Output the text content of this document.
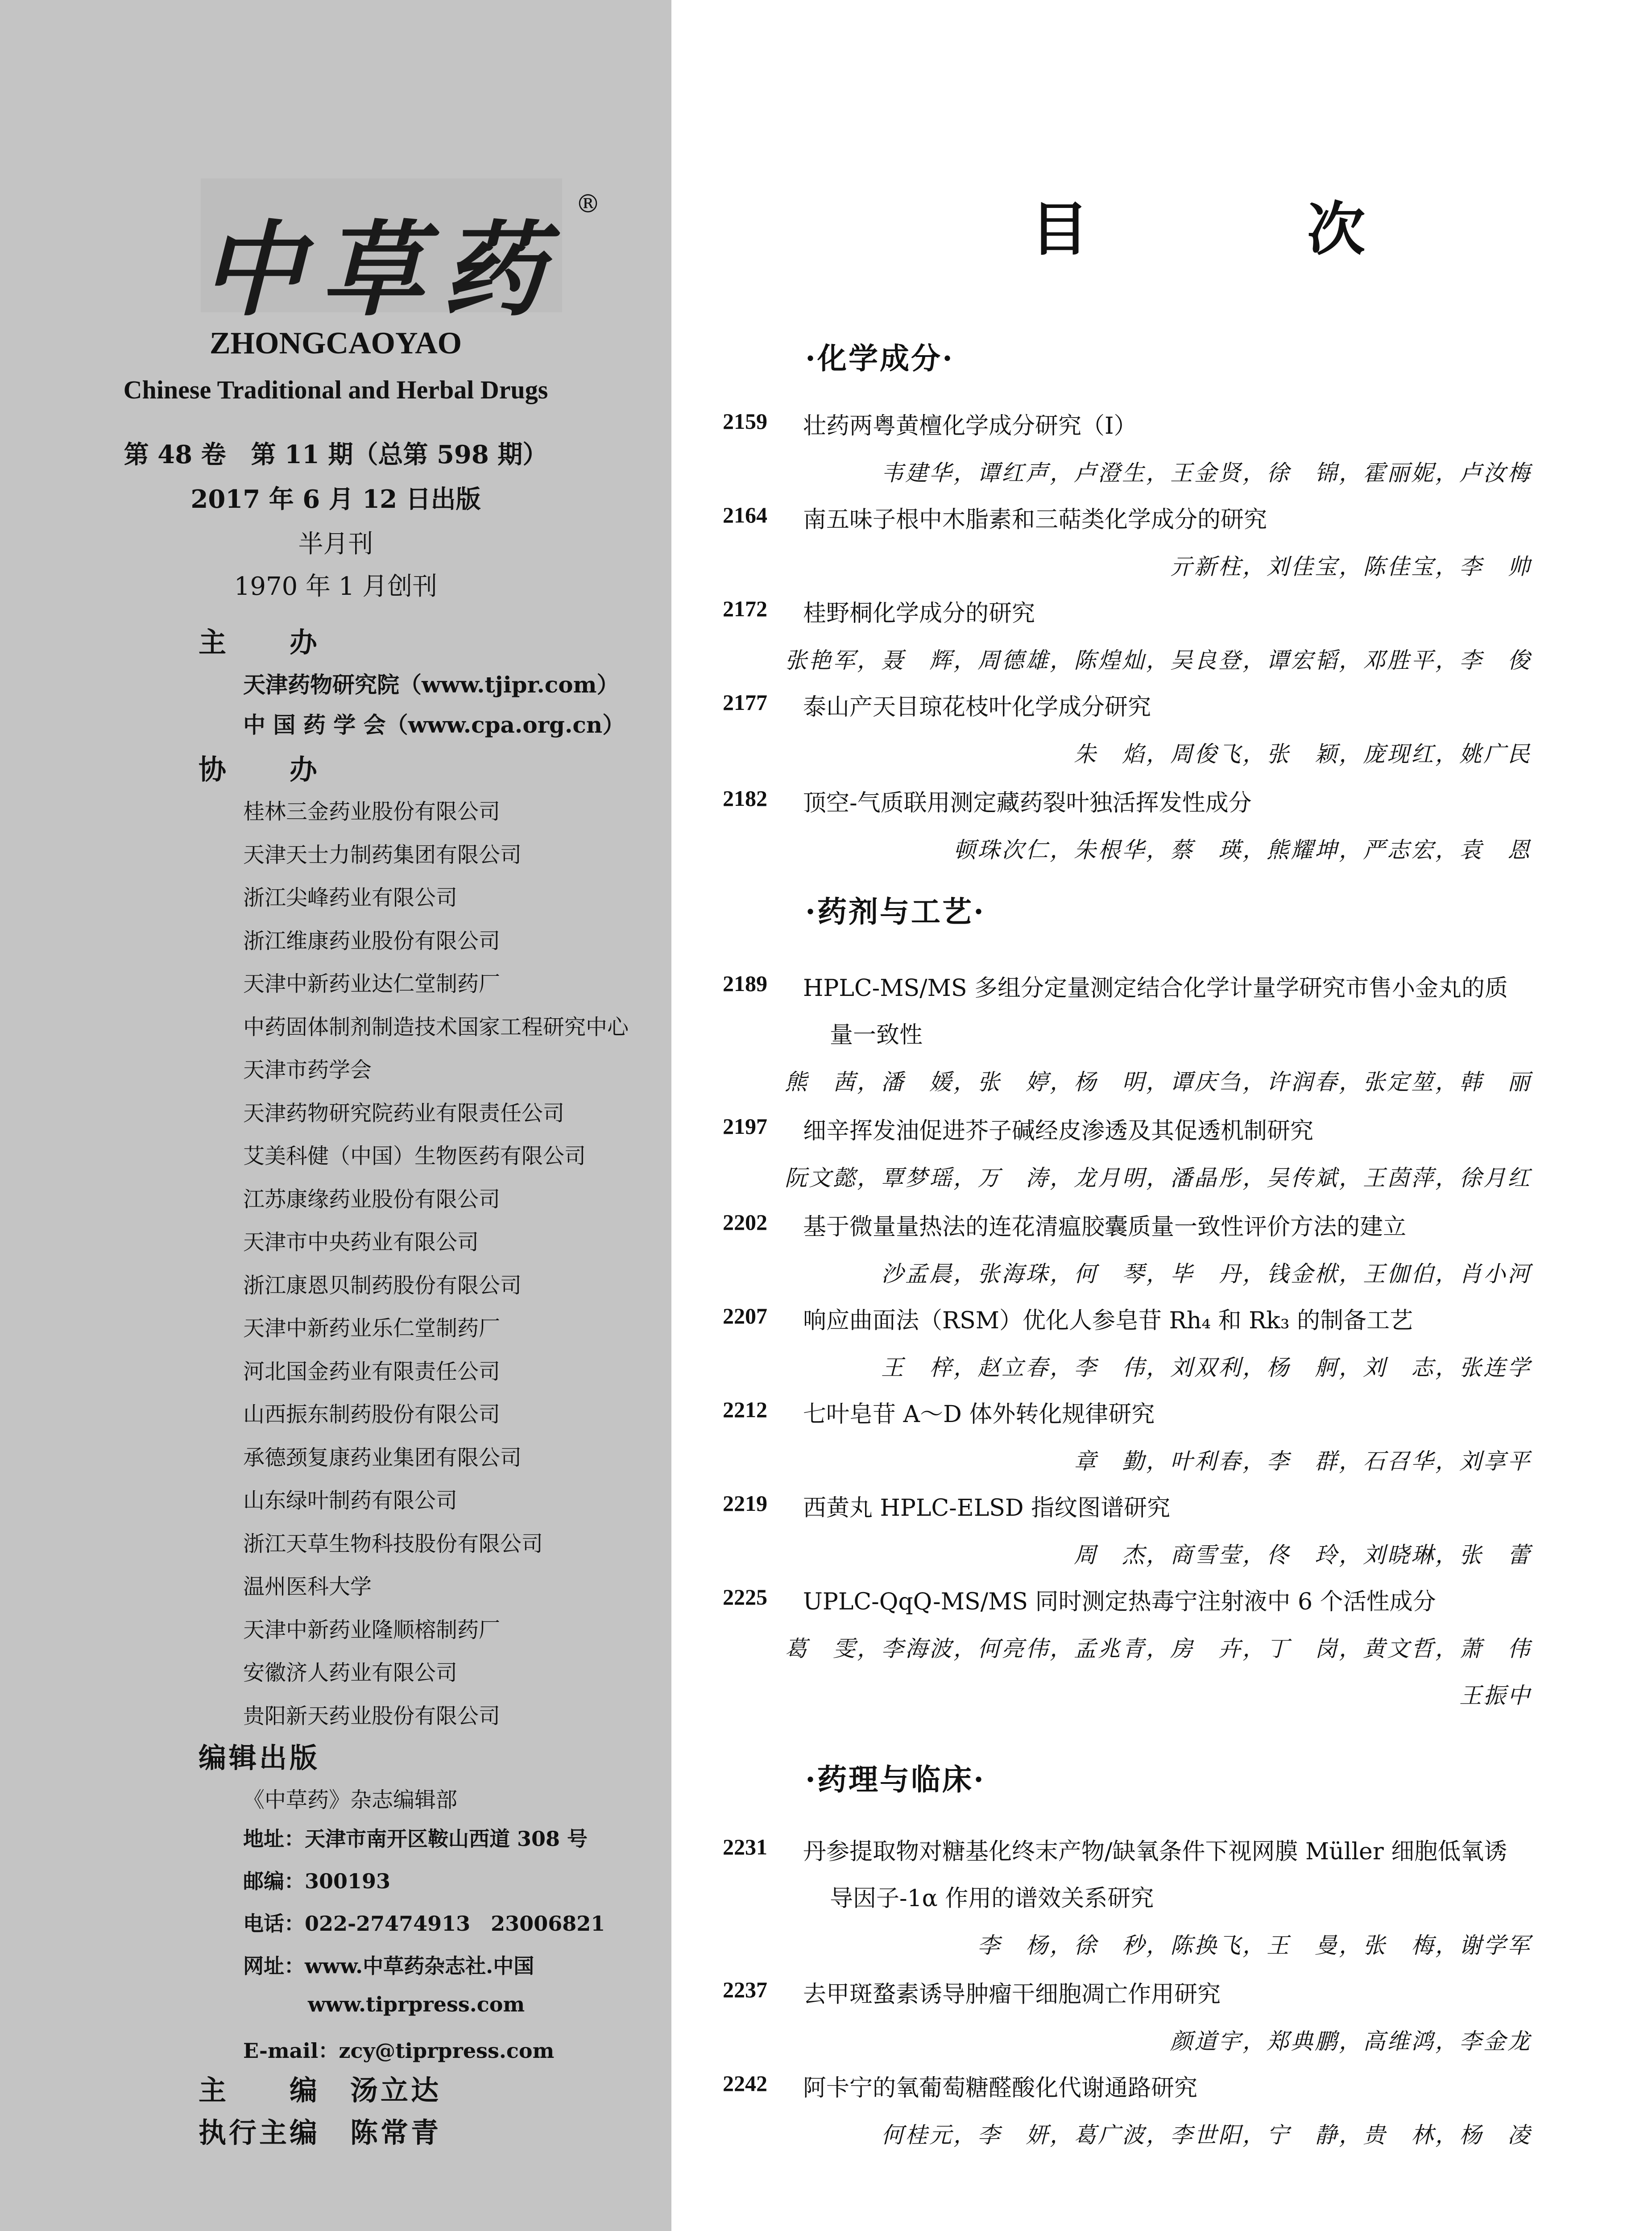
中草药
®
ZHONGCAOYAO
Chinese Traditional and Herbal Drugs
第 48 卷　第 11 期（总第 598 期）
2017 年 6 月 12 日出版
半月刊
1970 年 1 月创刊
主　　办
天津药物研究院（www.tjipr.com）
中 国 药 学 会（www.cpa.org.cn）
协　　办
桂林三金药业股份有限公司
天津天士力制药集团有限公司
浙江尖峰药业有限公司
浙江维康药业股份有限公司
天津中新药业达仁堂制药厂
中药固体制剂制造技术国家工程研究中心
天津市药学会
天津药物研究院药业有限责任公司
艾美科健（中国）生物医药有限公司
江苏康缘药业股份有限公司
天津市中央药业有限公司
浙江康恩贝制药股份有限公司
天津中新药业乐仁堂制药厂
河北国金药业有限责任公司
山西振东制药股份有限公司
承德颈复康药业集团有限公司
山东绿叶制药有限公司
浙江天草生物科技股份有限公司
温州医科大学
天津中新药业隆顺榕制药厂
安徽济人药业有限公司
贵阳新天药业股份有限公司
编辑出版
《中草药》杂志编辑部
地址：天津市南开区鞍山西道 308 号
邮编：300193
电话：022-27474913　23006821
网址：www.中草药杂志社.中国
www.tiprpress.com
E-mail：zcy@tiprpress.com
主　　编　汤立达
执行主编　陈常青
目　次
·化学成分·
2159 壮药两粤黄檀化学成分研究（Ⅰ）
韦建华，谭红声，卢澄生，王金贤，徐　锦，霍丽妮，卢汝梅
2164 南五味子根中木脂素和三萜类化学成分的研究
亓新柱，刘佳宝，陈佳宝，李　帅
2172 桂野桐化学成分的研究
张艳军，聂　辉，周德雄，陈煌灿，吴良登，谭宏韬，邓胜平，李　俊
2177 泰山产天目琼花枝叶化学成分研究
朱　焰，周俊飞，张　颖，庞现红，姚广民
2182 顶空-气质联用测定藏药裂叶独活挥发性成分
顿珠次仁，朱根华，蔡　瑛，熊耀坤，严志宏，袁　恩
·药剂与工艺·
2189 HPLC-MS/MS 多组分定量测定结合化学计量学研究市售小金丸的质
量一致性
熊　茜，潘　媛，张　婷，杨　明，谭庆刍，许润春，张定堃，韩　丽
2197 细辛挥发油促进芥子碱经皮渗透及其促透机制研究
阮文懿，覃梦瑶，万　涛，龙月明，潘晶彤，吴传斌，王茵萍，徐月红
2202 基于微量量热法的连花清瘟胶囊质量一致性评价方法的建立
沙孟晨，张海珠，何　琴，毕　丹，钱金栿，王伽伯，肖小河
2207 响应曲面法（RSM）优化人参皂苷 Rh₄ 和 Rk₃ 的制备工艺
王　梓，赵立春，李　伟，刘双利，杨　舸，刘　志，张连学
2212 七叶皂苷 A～D 体外转化规律研究
章　勤，叶利春，李　群，石召华，刘享平
2219 西黄丸 HPLC-ELSD 指纹图谱研究
周　杰，商雪莹，佟　玲，刘晓琳，张　蕾
2225 UPLC-QqQ-MS/MS 同时测定热毒宁注射液中 6 个活性成分
葛　雯，李海波，何亮伟，孟兆青，房　卉，丁　岗，黄文哲，萧　伟
王振中
·药理与临床·
2231 丹参提取物对糖基化终末产物/缺氧条件下视网膜 Müller 细胞低氧诱
导因子-1α 作用的谱效关系研究
李　杨，徐　秒，陈换飞，王　曼，张　梅，谢学军
2237 去甲斑蝥素诱导肿瘤干细胞凋亡作用研究
颜道宇，郑典鹏，高维鸿，李金龙
2242 阿卡宁的氧葡萄糖醛酸化代谢通路研究
何桂元，李　妍，葛广波，李世阳，宁　静，贵　林，杨　凌
